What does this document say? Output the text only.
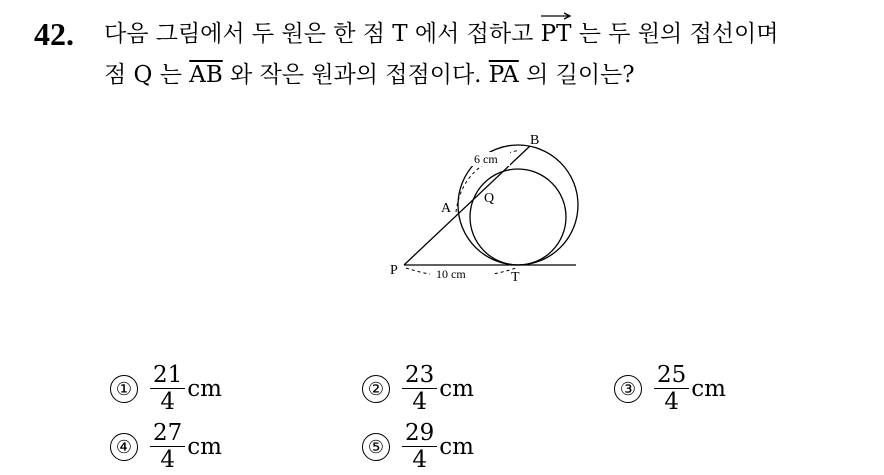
42. 다음 그림에서 두 원은 한 점 T 에서 접하고
PT 는 두 원의 접선이며
점 Q 는 $\overline{AB}$ 와 작은 원과의 접점이다. $\overline{PA}$ 의 길이는?
B
A
Q
P	T
6 cm
10 cm
① $\frac{21}{4}$ cm	② $\frac{23}{4}$ cm	③ $\frac{25}{4}$ cm
④ $\frac{27}{4}$ cm	⑤ $\frac{29}{4}$ cm
